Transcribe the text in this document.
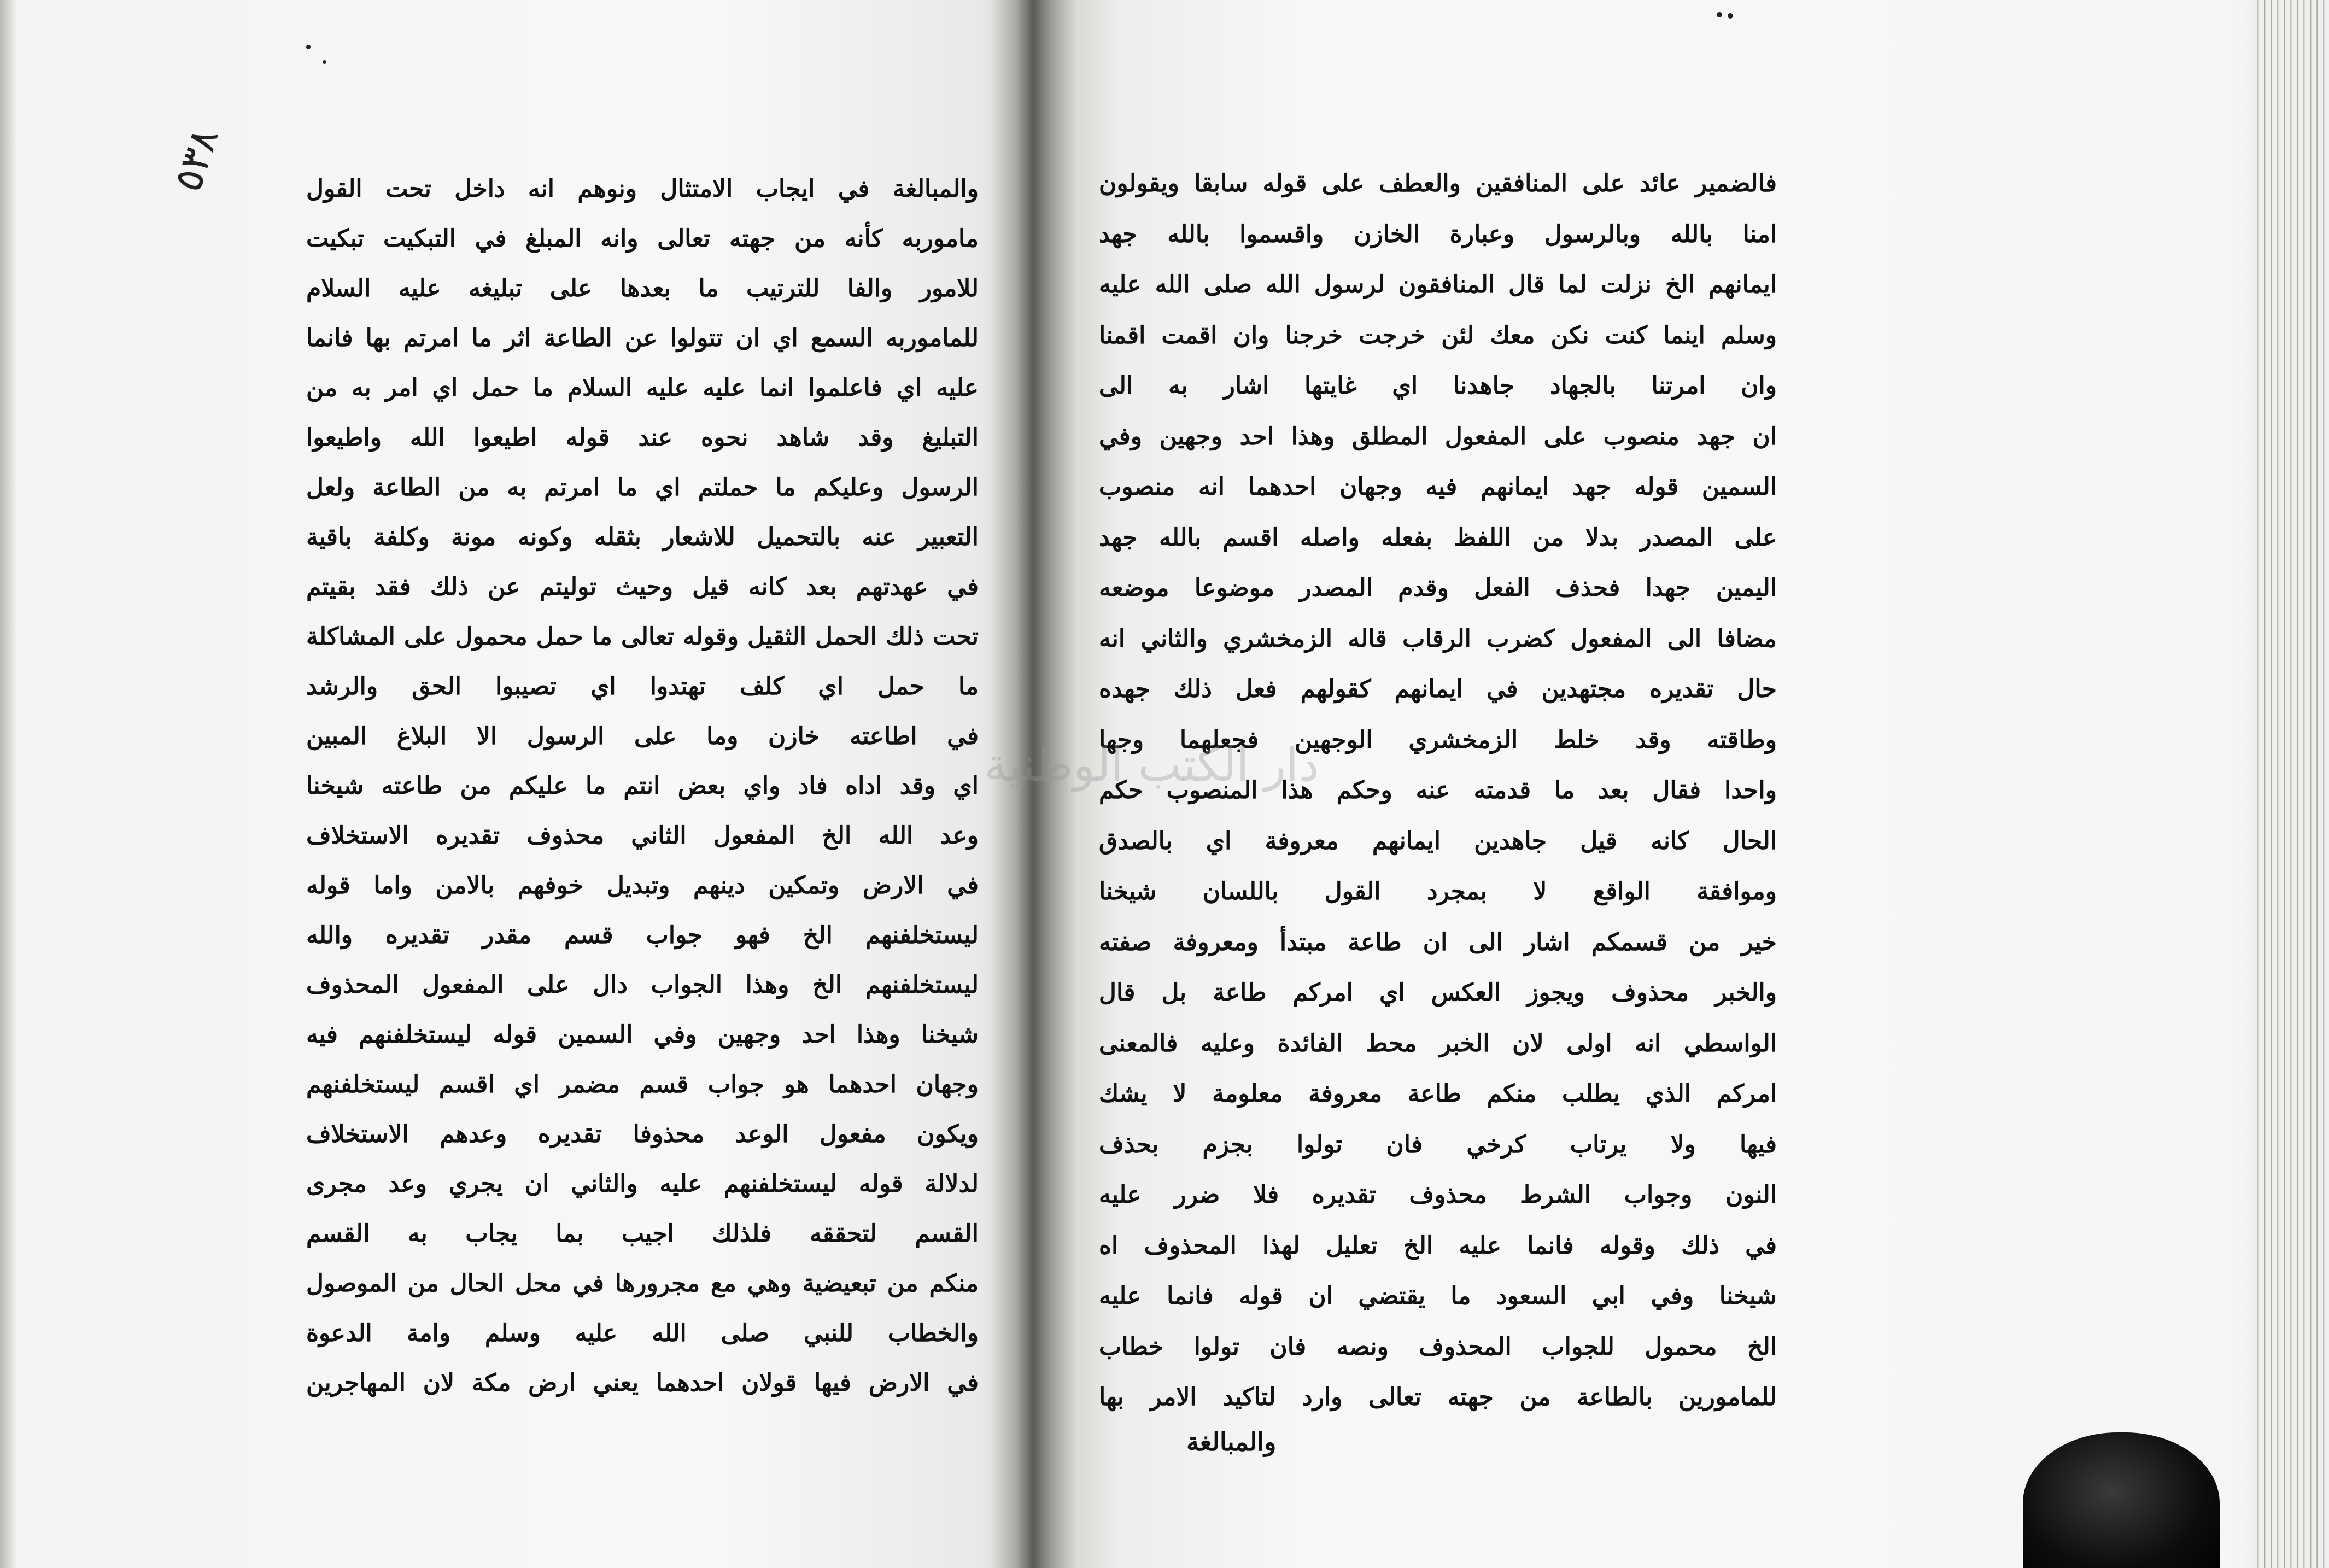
٥٣٨	والمبالغة في ايجاب الامتثال ونوهم انه داخل تحت القول
ماموربه كأنه من جهته تعالى وانه المبلغ في التبكيت تبكيت
للامور والفا للترتيب ما بعدها على تبليغه عليه السلام
للماموربه السمع اي ان تتولوا عن الطاعة اثر ما امرتم بها فانما
عليه اي فاعلموا انما عليه عليه السلام ما حمل اي امر به من
التبليغ وقد شاهد نحوه عند قوله اطيعوا الله واطيعوا
الرسول وعليكم ما حملتم اي ما امرتم به من الطاعة ولعل
التعبير عنه بالتحميل للاشعار بثقله وكونه مونة وكلفة باقية
في عهدتهم بعد كانه قيل وحيث توليتم عن ذلك فقد بقيتم
تحت ذلك الحمل الثقيل وقوله تعالى ما حمل محمول على المشاكلة
ما حمل اي كلف تهتدوا اي تصيبوا الحق والرشد
في اطاعته خازن وما على الرسول الا البلاغ المبين
اي وقد اداه فاد واي بعض انتم ما عليكم من طاعته شيخنا
وعد الله الخ المفعول الثاني محذوف تقديره الاستخلاف
في الارض وتمكين دينهم وتبديل خوفهم بالامن واما قوله
ليستخلفنهم الخ فهو جواب قسم مقدر تقديره والله
ليستخلفنهم الخ وهذا الجواب دال على المفعول المحذوف
شيخنا وهذا احد وجهين وفي السمين قوله ليستخلفنهم فيه
وجهان احدهما هو جواب قسم مضمر اي اقسم ليستخلفنهم
ويكون مفعول الوعد محذوفا تقديره وعدهم الاستخلاف
لدلالة قوله ليستخلفنهم عليه والثاني ان يجري وعد مجرى
القسم لتحققه فلذلك اجيب بما يجاب به القسم
منكم من تبعيضية وهي مع مجرورها في محل الحال من الموصول
والخطاب للنبي صلى الله عليه وسلم وامة الدعوة
في الارض فيها قولان احدهما يعني ارض مكة لان المهاجرين
فالضمير عائد على المنافقين والعطف على قوله سابقا ويقولون
امنا بالله وبالرسول وعبارة الخازن واقسموا بالله جهد
ايمانهم الخ نزلت لما قال المنافقون لرسول الله صلى الله عليه
وسلم اينما كنت نكن معك لئن خرجت خرجنا وان اقمت اقمنا
وان امرتنا بالجهاد جاهدنا اي غايتها اشار به الى
ان جهد منصوب على المفعول المطلق وهذا احد وجهين وفي
السمين قوله جهد ايمانهم فيه وجهان احدهما انه منصوب
على المصدر بدلا من اللفظ بفعله واصله اقسم بالله جهد
اليمين جهدا فحذف الفعل وقدم المصدر موضوعا موضعه
مضافا الى المفعول كضرب الرقاب قاله الزمخشري والثاني انه
حال تقديره مجتهدين في ايمانهم كقولهم فعل ذلك جهده
وطاقته وقد خلط الزمخشري الوجهين فجعلهما وجها
واحدا فقال بعد ما قدمته عنه وحكم هذا المنصوب حكم
الحال كانه قيل جاهدين ايمانهم معروفة اي بالصدق
وموافقة الواقع لا بمجرد القول باللسان شيخنا
خير من قسمكم اشار الى ان طاعة مبتدأ ومعروفة صفته
والخبر محذوف ويجوز العكس اي امركم طاعة بل قال
الواسطي انه اولى لان الخبر محط الفائدة وعليه فالمعنى
امركم الذي يطلب منكم طاعة معروفة معلومة لا يشك
فيها ولا يرتاب كرخي فان تولوا بجزم بحذف
النون وجواب الشرط محذوف تقديره فلا ضرر عليه
في ذلك وقوله فانما عليه الخ تعليل لهذا المحذوف اه
شيخنا وفي ابي السعود ما يقتضي ان قوله فانما عليه
الخ محمول للجواب المحذوف ونصه فان تولوا خطاب
للمامورين بالطاعة من جهته تعالى وارد لتاكيد الامر بها
دار الكتب الوطنية
والمبالغة
